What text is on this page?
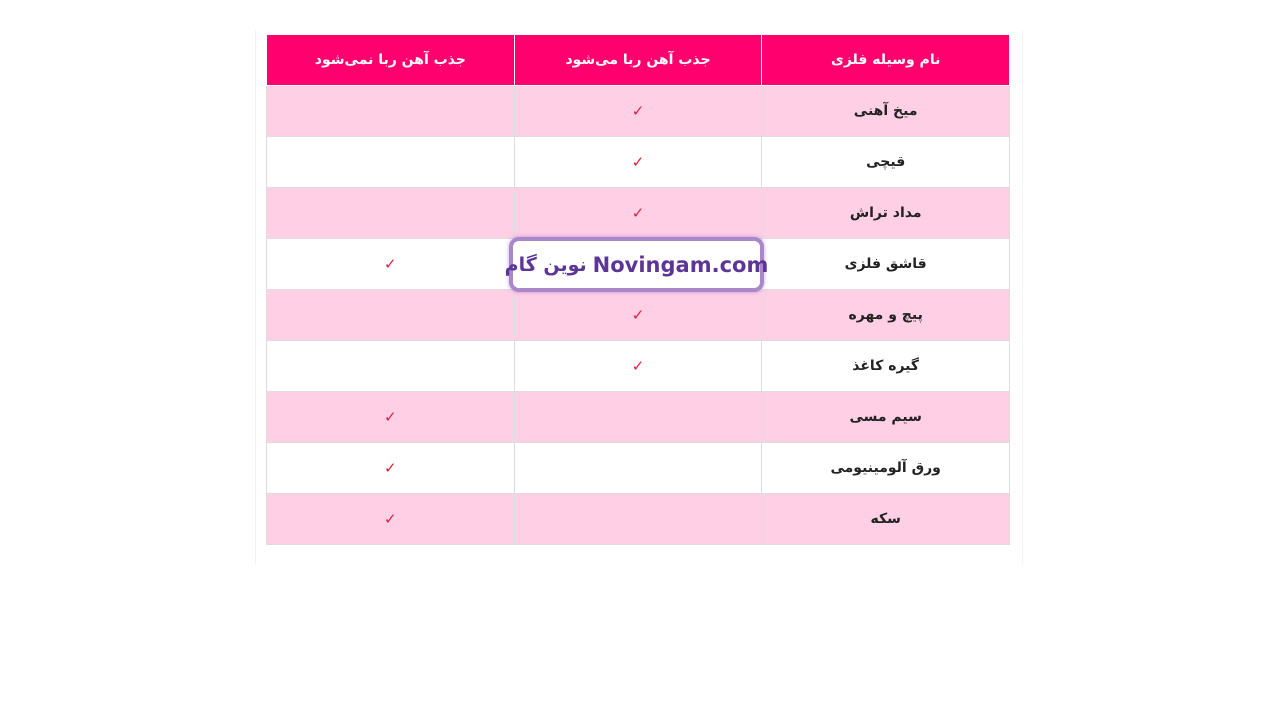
نام وسیله فلزی	جذب آهن ربا می‌شود	جذب آهن ربا نمی‌شود
میخ آهنی	✓	
قیچی	✓	
مداد تراش	✓	
قاشق فلزی		✓
پیچ و مهره	✓	
گیره کاغذ	✓	
سیم مسی		✓
ورق آلومینیومی		✓
سکه		✓
نوین گام Novingam.com
